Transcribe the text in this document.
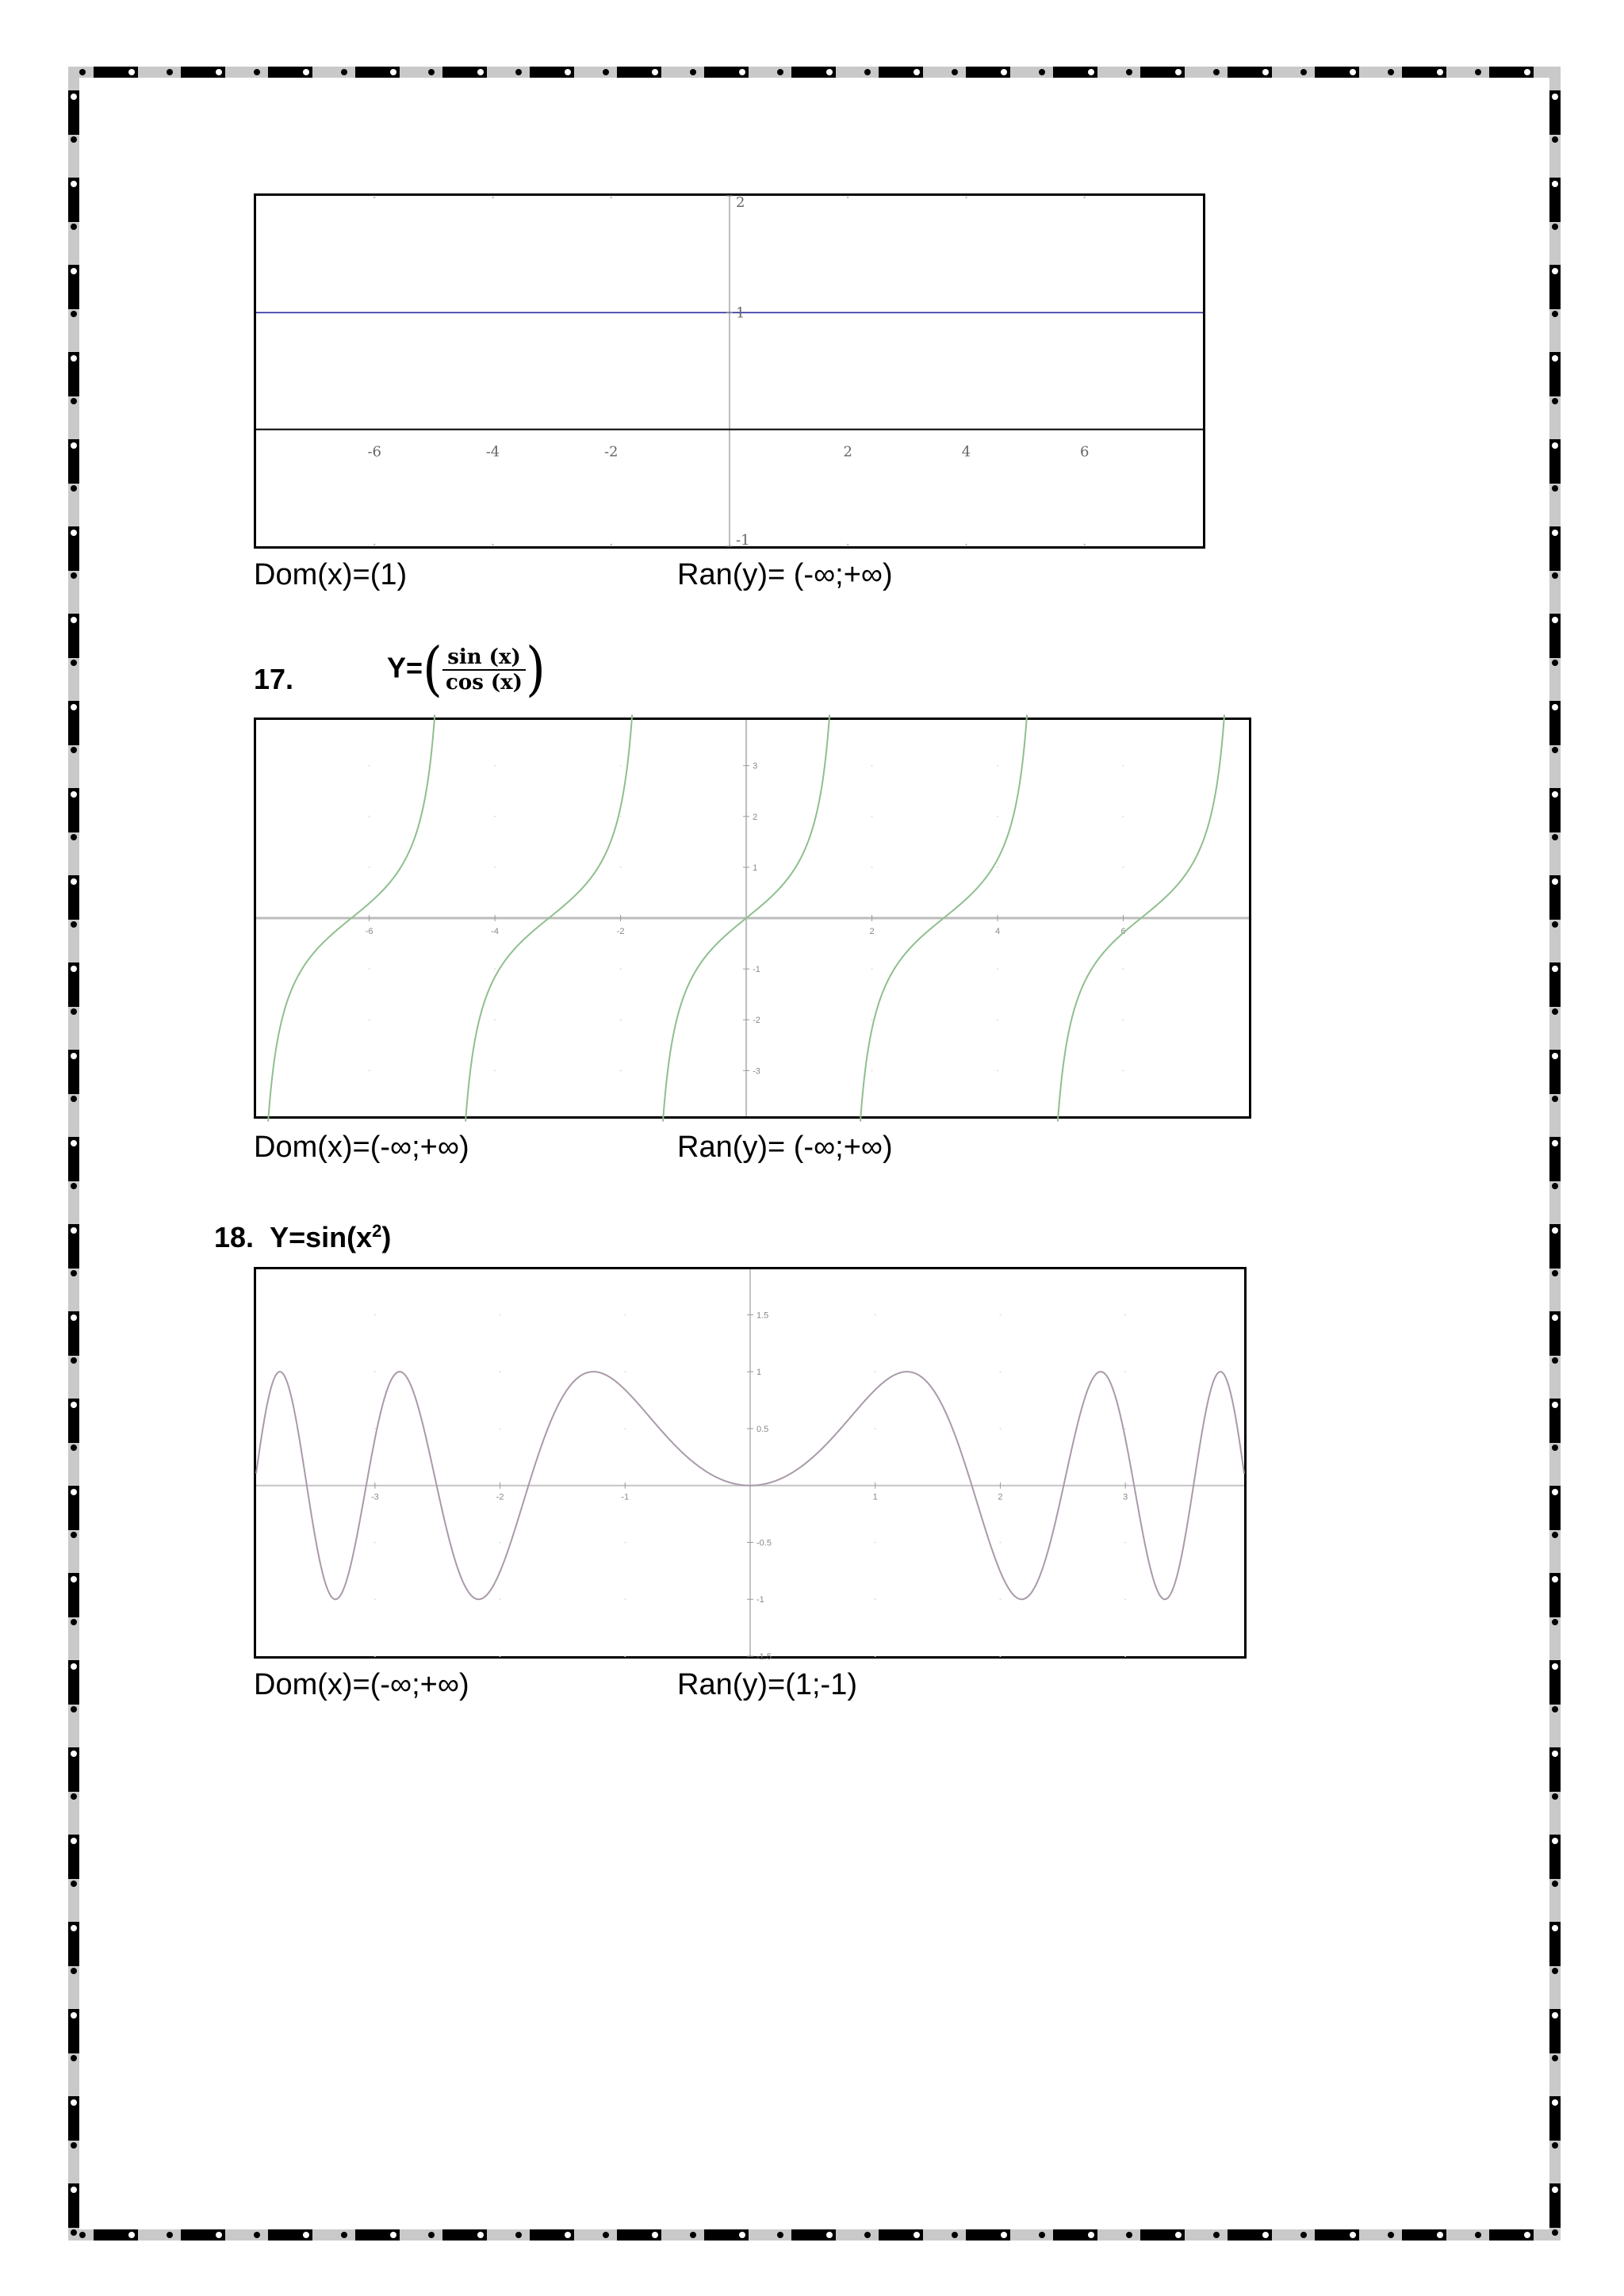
-6	-4	-2	2	4	6
2
1
-1
Dom(x)=(1)	Ran(y)= (-∞;+∞)
17.	$Y=( \frac{\sin (x)}{\cos (x)}$ )
-6	-4	-2	2	4	6
3
2
1
-1
-2
-3
Dom(x)=(-∞;+∞)	Ran(y)= (-∞;+∞)
18. $Y=\sin(x^2)$
-3	-2	-1	1	2	3
1.5
1
0.5
-0.5
-1
-1.5
Dom(x)=(-∞;+∞)	Ran(y)=(1;-1)
